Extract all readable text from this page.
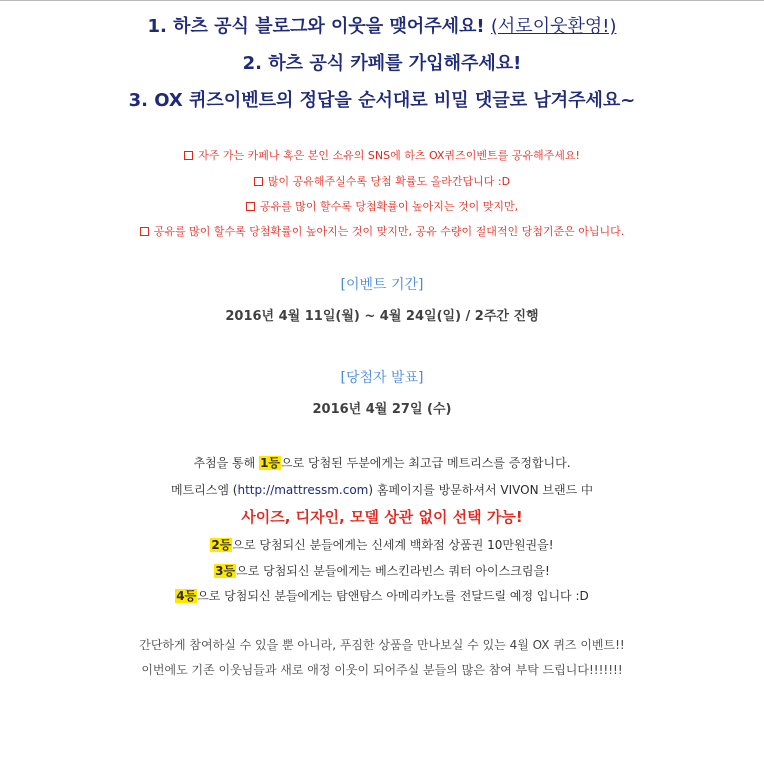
1. 하츠 공식 블로그와 이웃을 맺어주세요! (서로이웃환영!)
2. 하츠 공식 카페를 가입해주세요!
3. OX 퀴즈이벤트의 정답을 순서대로 비밀 댓글로 남겨주세요~
자주 가는 카페나 혹은 본인 소유의 SNS에 하츠 OX퀴즈이벤트를 공유해주세요!
많이 공유해주실수록 당첨 확률도 올라간답니다 :D
공유를 많이 할수록 당첨확률이 높아지는 것이 맞지만,
공유를 많이 할수록 당첨확률이 높아지는 것이 맞지만, 공유 수량이 절대적인 당첨기준은 아닙니다.
[이벤트 기간]
2016년 4월 11일(월) ~ 4월 24일(일) / 2주간 진행
[당첨자 발표]
2016년 4월 27일 (수)
추첨을 통해 1등으로 당첨된 두분에게는 최고급 메트리스를 증정합니다.
메트리스엠 (http://mattressm.com) 홈페이지를 방문하셔서 VIVON 브랜드 中
사이즈, 디자인, 모델 상관 없이 선택 가능!
2등으로 당첨되신 분들에게는 신세계 백화점 상품권 10만원권을!
3등으로 당첨되신 분들에게는 베스킨라빈스 쿼터 아이스크림을!
4등으로 당첨되신 분들에게는 탐앤탐스 아메리카노를 전달드릴 예정 입니다 :D
간단하게 참여하실 수 있을 뿐 아니라, 푸짐한 상품을 만나보실 수 있는 4월 OX 퀴즈 이벤트!!
이번에도 기존 이웃님들과 새로 애정 이웃이 되어주실 분들의 많은 참여 부탁 드립니다!!!!!!!
